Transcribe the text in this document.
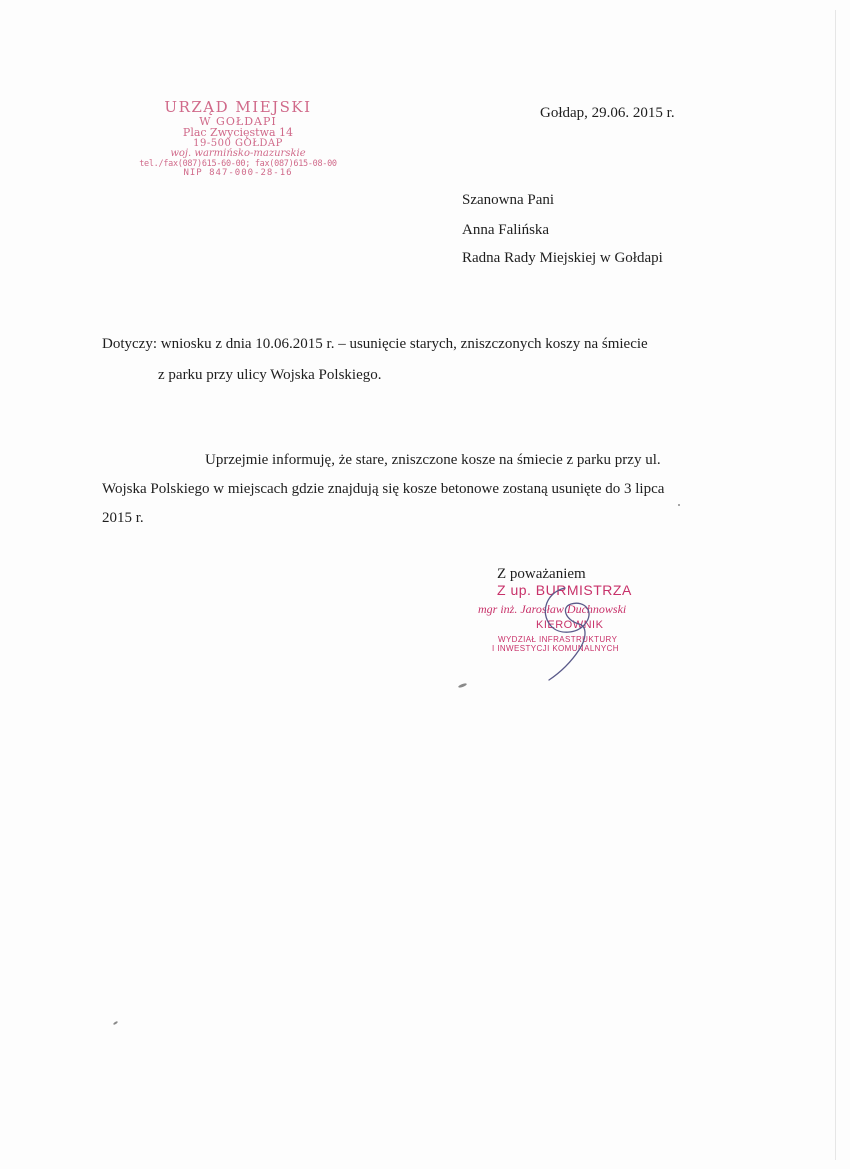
URZĄD MIEJSKI
W GOŁDAPI
Plac Zwycięstwa 14
19-500 GOŁDAP
woj. warmińsko-mazurskie
tel./fax(087)615-60-00; fax(087)615-08-00
NIP 847-000-28-16
Gołdap, 29.06. 2015 r.
Szanowna Pani
Anna Falińska
Radna Rady Miejskiej w Gołdapi
Dotyczy: wniosku z dnia 10.06.2015 r. – usunięcie starych, zniszczonych koszy na śmiecie
z parku przy ulicy Wojska Polskiego.
Uprzejmie informuję, że stare, zniszczone kosze na śmiecie z parku przy ul.
Wojska Polskiego w miejscach gdzie znajdują się kosze betonowe zostaną usunięte do 3 lipca
2015 r.
Z poważaniem
Z up. BURMISTRZA
mgr inż. Jarosław Duchnowski
KIEROWNIK
WYDZIAŁ INFRASTRUKTURY
I INWESTYCJI KOMUNALNYCH
